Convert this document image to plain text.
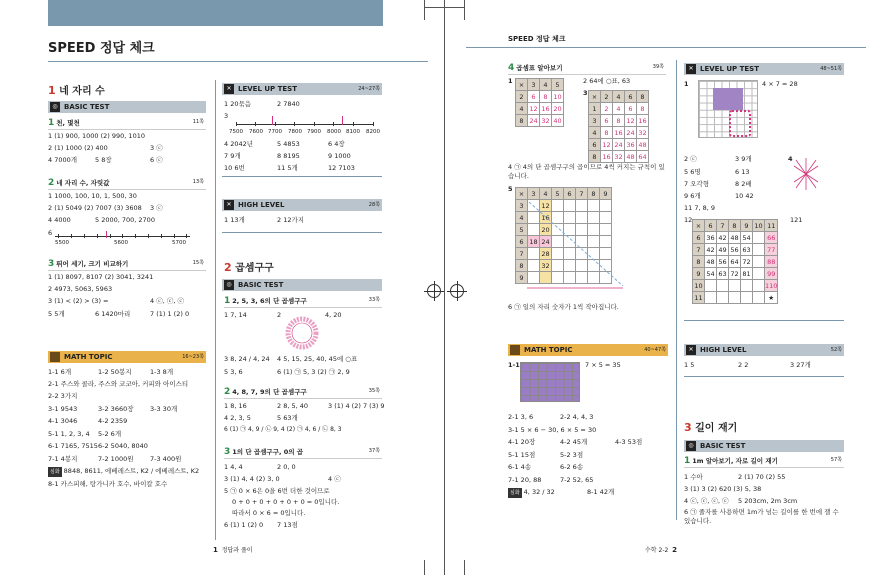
SPEED 정답 체크
1 네 자리 수
◎ BASIC TEST
1 천, 몇천	11쪽
1 (1) 900, 1000 (2) 990, 1010
2 (1) 1000 (2) 400
4 7000개	5 8장
3 ⓒ
6 ⓒ
2 네 자리 수, 자릿값	13쪽
1 1000, 100, 10, 1, 500, 30
2 (1) 5049 (2) 7007 (3) 3608 3 ⓒ
4 4000	5 2000, 700, 2700
6
5500	5600	5700
3 뛰어 세기, 크기 비교하기	15쪽
1 (1) 8097, 8107 (2) 3041, 3241
2 4973, 5063, 5963
3 (1) < (2) > (3) =	4 ⓒ, ⓒ, ⓒ
5 5개	6 1420마리	7 (1) 1 (2) 0
MATH TOPIC	16~23쪽
1-1 6개	1-2 50봉지	1-3 8개
2-1 주스와 콜라, 주스와 코코아, 커피와 아이스티
2-2 3가지
3-1 9543	3-2 3660장	3-3 30개
4-1 3046	4-2 2359
5-1 1, 2, 3, 4 5-2 6개
6-1 7165, 7515 6-2 5040, 8040
7-1 4봉지	7-2 1000원	7-3 400원
심화 8848, 8611, 에베레스트, K2 / 에베레스트, K2
8-1 카스피해, 탕가니카 호수, 바이칼 호수
✕ LEVEL UP TEST	24~27쪽
1 20묶음	2 7840
3
7500 7600 7700 7800 7900 8000 8100 8200
4 2042년	5 4853	6 4장
7 9개	8 8195	9 1000
10 6번	11 5개	12 7103
✕ HIGH LEVEL	28쪽
1 13개	2 12가지
2 곱셈구구
◎ BASIC TEST
1 2, 5, 3, 6의 단 곱셈구구	33쪽
1 7, 14	2	4, 20
3 8, 24 / 4, 24 4 5, 15, 25, 40, 45에 ○표
5 3, 6	6 (1) ㉠ 5, 3 (2) ㉠ 2, 9
2 4, 8, 7, 9의 단 곱셈구구	35쪽
1 8, 16	2 8, 5, 40	3 (1) 4 (2) 7 (3) 9
4 2, 3, 5	5 63개
6 (1) ㉠ 4, 9 / ㉡ 9, 4 (2) ㉠ 4, 6 / ㉡ 8, 3
3 1의 단 곱셈구구, 0의 곱	37쪽
1 4, 4	2 0, 0
3 (1) 4, 4 (2) 3, 0	4 ⓒ
5 ㉠ 0 × 6은 0을 6번 더한 것이므로
0 + 0 + 0 + 0 + 0 + 0 = 0입니다.
따라서 0 × 6 = 0입니다.
6 (1) 1 (2) 0 7 13점
1 정답과 풀이
SPEED 정답 체크
4 곱셈표 알아보기	39쪽
1 ×	3	4	5
2	6	8	10
4	12	16	20
8	24	32	40
2 64에 ○표, 63
3 ×	2	4	6	8
1	2	4	6	8
3	6	8	12	16
4	8	16	24	32
6	12	24	36	48
8	16	32	48	64
4 ㉠ 4의 단 곱셈구구의 곱이므로 4씩 커지는 규칙이 있습니다.
5
×	3	4	5	6	7	8	9
3		12					
4		16					
5		20					
6	18	24					
7		28					
8		32					
9							
6 ㉠ 일의 자리 숫자가 1씩 작아집니다.
MATH TOPIC	40~47쪽
1-1	7 × 5 = 35
2-1 3, 6	2-2 4, 4, 3
3-1 5 × 6 − 30, 6 × 5 = 30
4-1 20장	4-2 45개	4-3 53점
5-1 15점	5-2 3점
6-1 4송	6-2 6송
7-1 20, 88	7-2 52, 65
심화 4, 32 / 32	8-1 42개
✕ LEVEL UP TEST	48~51쪽
1	4 × 7 = 28
2 ⓒ	3 9개	4
5 6명	6 13
7 오각형	8 2배
9 6개	10 42
11 7, 8, 9
12
×	6	7	8	9	10	11
6	36	42	48	54		66
7	42	49	56	63		77
8	48	56	64	72		88
9	54	63	72	81		99
10						110
11						★
121
✕ HIGH LEVEL	52쪽
1 5	2 2	3 27개
3 길이 재기
◎ BASIC TEST
1 1m 알아보기, 자로 길이 재기	57쪽
1 수아	2 (1) 70 (2) 55
3 (1) 3 (2) 620 (3) 5, 38
4 ⓒ, ⓒ, ⓒ, ⓒ 5 203cm, 2m 3cm
6 ㉠ 줄자를 사용하면 1m가 넘는 길이를 한 번에 잴 수 있습니다.
수학 2-2 2
